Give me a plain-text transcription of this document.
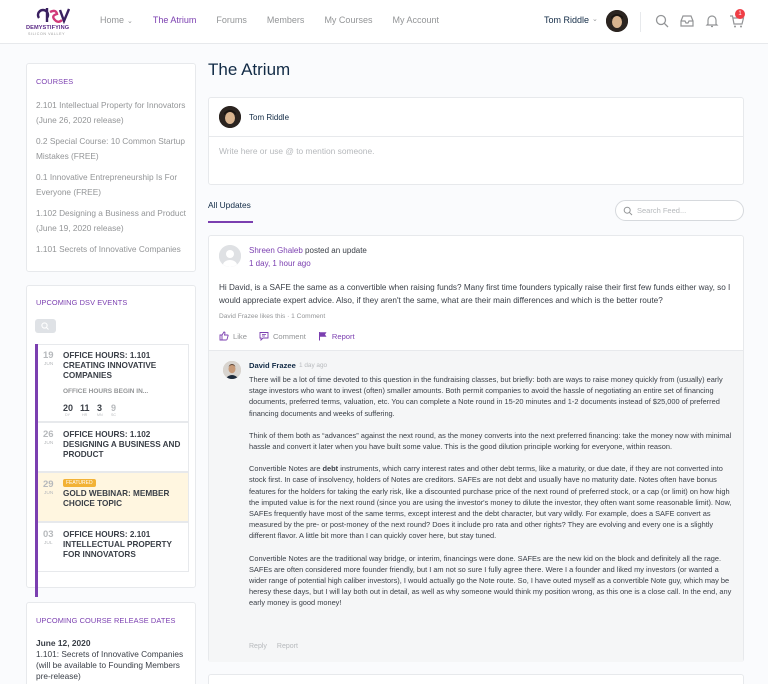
DEMYSTIFYING
SILICON VALLEY
Home ⌄ The Atrium Forums Members My Courses My Account	Tom Riddle ⌄
1
COURSES
2.101 Intellectual Property for Innovators (June 26, 2020 release)
0.2 Special Course: 10 Common Startup Mistakes (FREE)
0.1 Innovative Entrepreneurship Is For Everyone (FREE)
1.102 Designing a Business and Product (June 19, 2020 release)
1.101 Secrets of Innovative Companies
UPCOMING DSV EVENTS
19
JUN
OFFICE HOURS: 1.101 CREATING INNOVATIVE COMPANIES
OFFICE HOURS BEGIN IN...
20
DY
11
HR
3
MN
9
SC
26
JUN
OFFICE HOURS: 1.102 DESIGNING A BUSINESS AND PRODUCT
29
JUN
FEATURED
GOLD WEBINAR: MEMBER CHOICE TOPIC
03
JUL
OFFICE HOURS: 2.101 INTELLECTUAL PROPERTY FOR INNOVATORS
UPCOMING COURSE RELEASE DATES
June 12, 2020
1.101: Secrets of Innovative Companies (will be available to Founding Members pre-release)
The Atrium
Tom Riddle
Write here or use @ to mention someone.
All Updates
Search Feed...
Shreen Ghaleb posted an update
1 day, 1 hour ago
Hi David, is a SAFE the same as a convertible when raising funds? Many first time founders typically raise their first few funds either way, so I would appreciate expert advice. Also, if they aren't the same, what are their main differences and which is the better route?
David Frazee likes this · 1 Comment
Like	Comment	Report
David Frazee 1 day ago

There will be a lot of time devoted to this question in the fundraising classes, but briefly: both are ways to raise money quickly from (usually) early stage investors who want to invest (often) smaller amounts. Both permit companies to avoid the hassle of negotiating an entire set of financing documents, preferred terms, valuation, etc. You can complete a Note round in 15-20 minutes and 1-2 documents instead of $25,000 of preferred financing documents and weeks of suffering.

Think of them both as “advances” against the next round, as the money converts into the next preferred financing: take the money now with minimal hassle and convert it later when you have built some value. This is the good dilution principle working for everyone, within reason.

Convertible Notes are debt instruments, which carry interest rates and other debt terms, like a maturity, or due date, if they are not converted into stock first. In case of insolvency, holders of Notes are creditors. SAFEs are not debt and usually have no maturity date. Notes often have bonus features for the holders for taking the early risk, like a discounted purchase price of the next round of preferred stock, or a cap (or limit) on how high the imputed value is for the next round (since you are using the investor's money to dilute the investor, they often want some reasonable limit). Now, SAFEs frequently have most of the same terms, except interest and the debt character, but vary wildly. For example, does a SAFE convert as measured by the pre- or post-money of the next round? Does it include pro rata and other rights? They are evolving and every one is a slightly different flavor. A little bit more than I can quickly cover here, but stay tuned.

Convertible Notes are the traditional way bridge, or interim, financings were done. SAFEs are the new kid on the block and definitely all the rage. SAFEs are often considered more founder friendly, but I am not so sure I fully agree there. Were I a founder and liked my investors (or wanted a wider range of potential high caliber investors), I would actually go the Note route. So, I have outed myself as a convertible Note guy, which may be heresy these days, but I will lay both out in detail, as well as why someone would think my position wrong, as this one is a close call. In the end, any early money is good money!

Reply Report
